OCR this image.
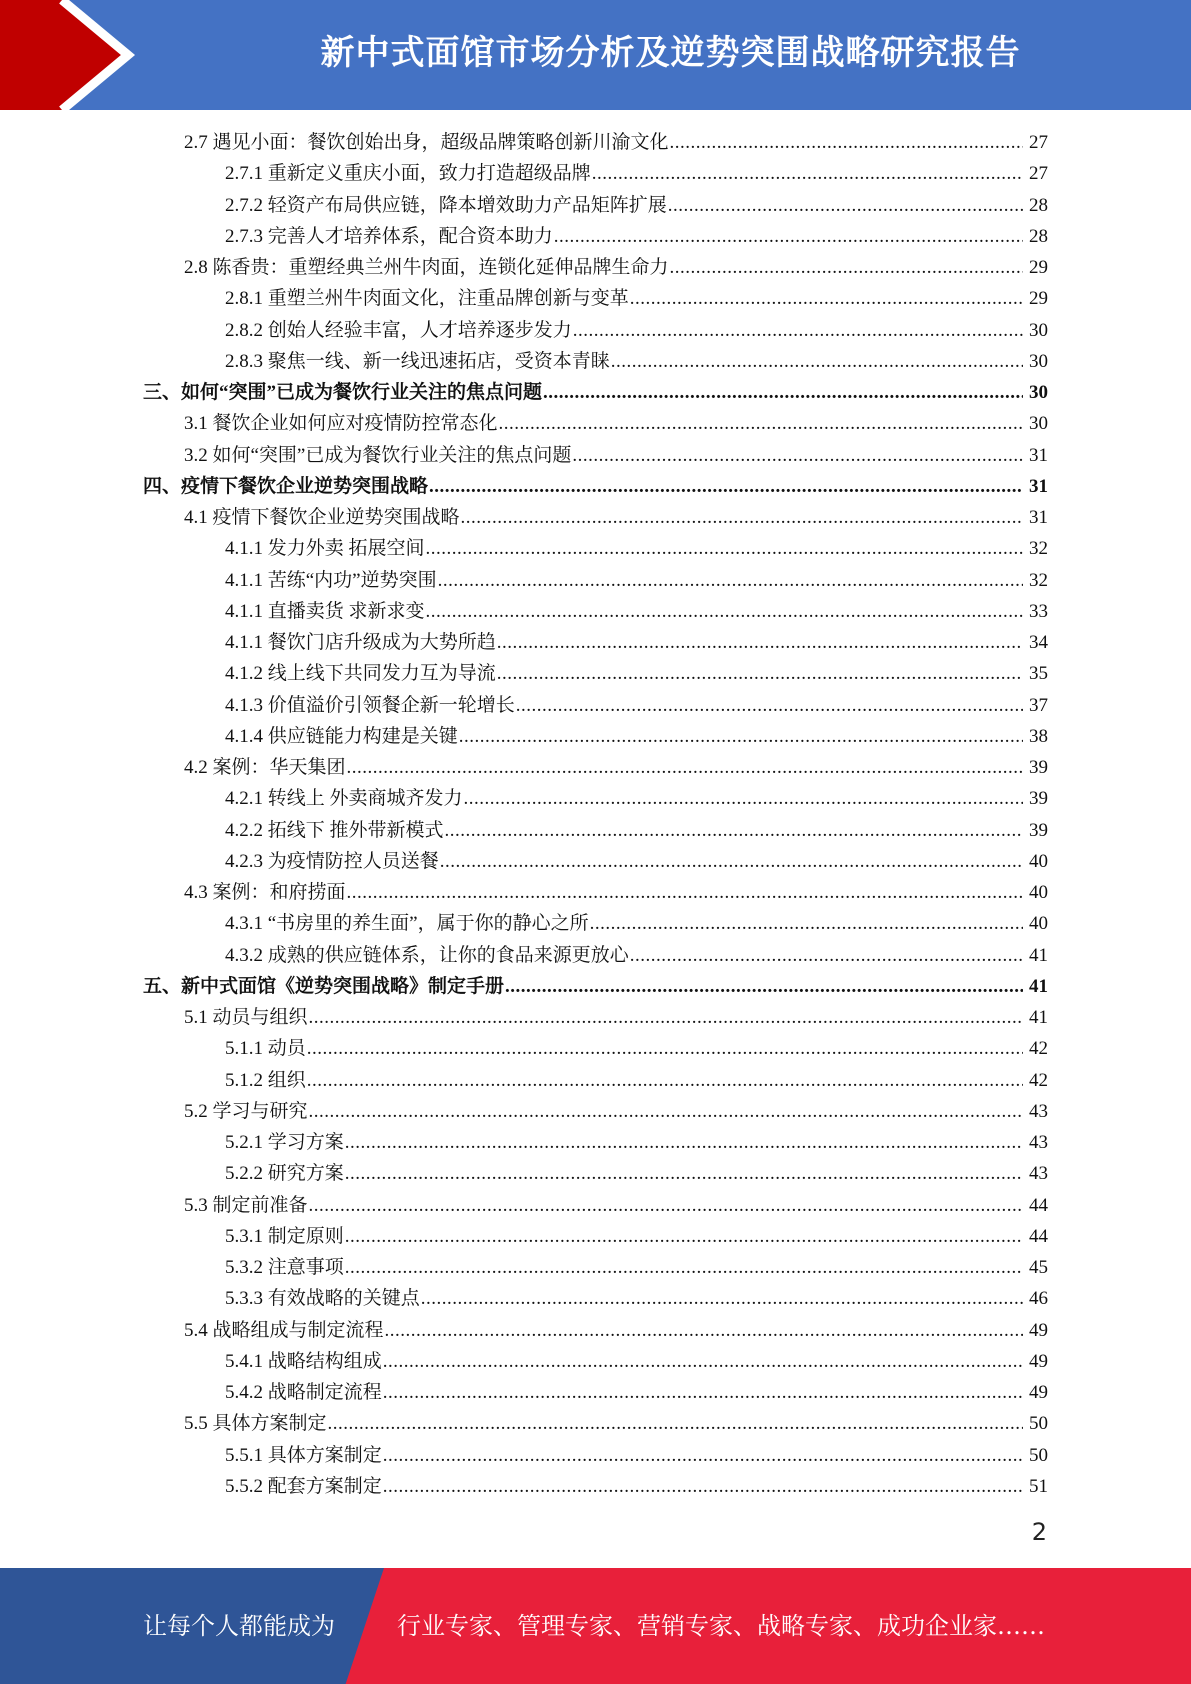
新中式面馆市场分析及逆势突围战略研究报告
2.7 遇见小面：餐饮创始出身，超级品牌策略创新川渝文化 .....	27
2.7.1 重新定义重庆小面，致力打造超级品牌 .....	27
2.7.2 轻资产布局供应链，降本增效助力产品矩阵扩展 .....	28
2.7.3 完善人才培养体系，配合资本助力 .....	28
2.8 陈香贵：重塑经典兰州牛肉面，连锁化延伸品牌生命力 .....	29
2.8.1 重塑兰州牛肉面文化，注重品牌创新与变革 .....	29
2.8.2 创始人经验丰富，人才培养逐步发力 .....	30
2.8.3 聚焦一线、新一线迅速拓店，受资本青睐 .....	30
三、如何“突围”已成为餐饮行业关注的焦点问题 .....	30
3.1 餐饮企业如何应对疫情防控常态化 .....	30
3.2 如何“突围”已成为餐饮行业关注的焦点问题 .....	31
四、疫情下餐饮企业逆势突围战略 .....	31
4.1 疫情下餐饮企业逆势突围战略 .....	31
4.1.1 发力外卖 拓展空间 .....	32
4.1.1 苦练“内功”逆势突围 .....	32
4.1.1 直播卖货 求新求变 .....	33
4.1.1 餐饮门店升级成为大势所趋 .....	34
4.1.2 线上线下共同发力互为导流 .....	35
4.1.3 价值溢价引领餐企新一轮增长 .....	37
4.1.4 供应链能力构建是关键 .....	38
4.2 案例：华天集团 .....	39
4.2.1 转线上 外卖商城齐发力 .....	39
4.2.2 拓线下 推外带新模式 .....	39
4.2.3 为疫情防控人员送餐 .....	40
4.3 案例：和府捞面 .....	40
4.3.1 “书房里的养生面”，属于你的静心之所 .....	40
4.3.2 成熟的供应链体系，让你的食品来源更放心 .....	41
五、新中式面馆《逆势突围战略》制定手册 .....	41
5.1 动员与组织 .....	41
5.1.1 动员 .....	42
5.1.2 组织 .....	42
5.2 学习与研究 .....	43
5.2.1 学习方案 .....	43
5.2.2 研究方案 .....	43
5.3 制定前准备 .....	44
5.3.1 制定原则 .....	44
5.3.2 注意事项 .....	45
5.3.3 有效战略的关键点 .....	46
5.4 战略组成与制定流程 .....	49
5.4.1 战略结构组成 .....	49
5.4.2 战略制定流程 .....	49
5.5 具体方案制定 .....	50
5.5.1 具体方案制定 .....	50
5.5.2 配套方案制定 .....	51
2
让每个人都能成为	行业专家、管理专家、营销专家、战略专家、成功企业家……
